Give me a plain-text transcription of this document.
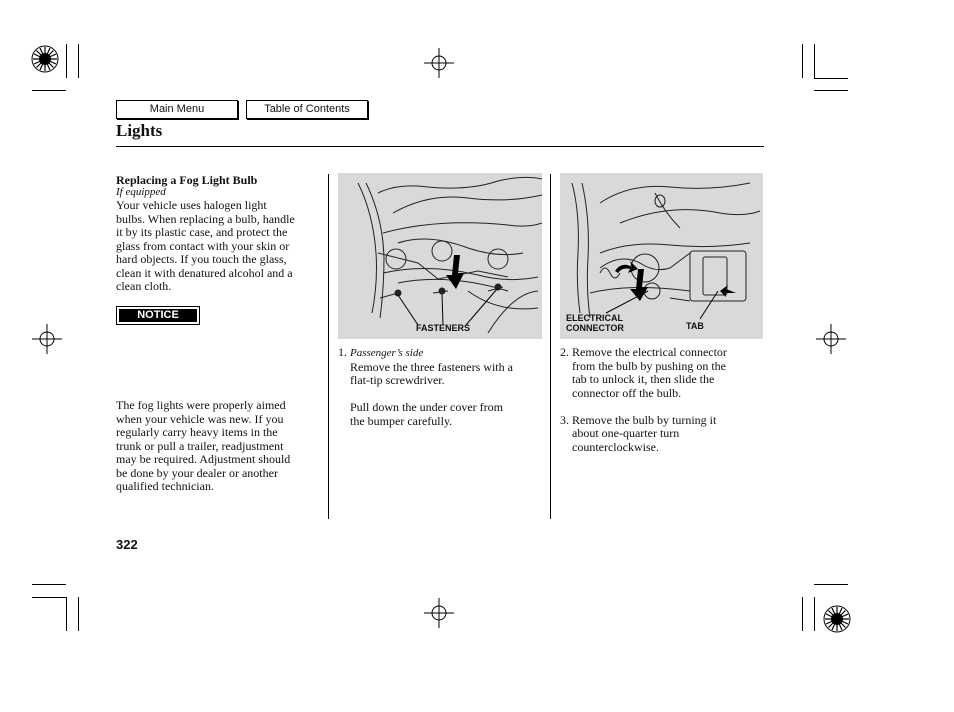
Main Menu	Table of Contents
Lights
Replacing a Fog Light Bulb
If equipped
Your vehicle uses halogen light
bulbs. When replacing a bulb, handle
it by its plastic case, and protect the
glass from contact with your skin or
hard objects. If you touch the glass,
clean it with denatured alcohol and a
clean cloth.
NOTICE
The fog lights were properly aimed
when your vehicle was new. If you
regularly carry heavy items in the
trunk or pull a trailer, readjustment
may be required. Adjustment should
be done by your dealer or another
qualified technician.
FASTENERS
1. Passenger’s side
Remove the three fasteners with a
flat-tip screwdriver.
Pull down the under cover from
the bumper carefully.
ELECTRICAL
CONNECTOR	TAB
2. Remove the electrical connector
from the bulb by pushing on the
tab to unlock it, then slide the
connector off the bulb.
3. Remove the bulb by turning it
about one-quarter turn
counterclockwise.
322
